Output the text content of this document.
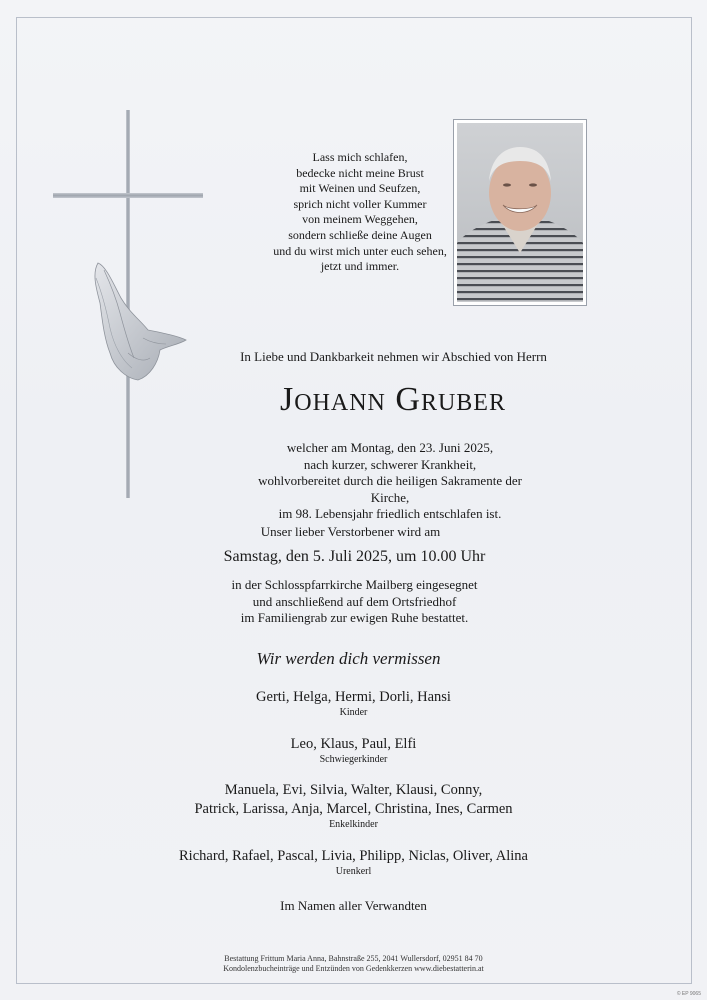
Lass mich schlafen,
bedecke nicht meine Brust
mit Weinen und Seufzen,
sprich nicht voller Kummer
von meinem Weggehen,
sondern schließe deine Augen
und du wirst mich unter euch sehen,
jetzt und immer.
In Liebe und Dankbarkeit nehmen wir Abschied von Herrn
Johann Gruber
welcher am Montag, den 23. Juni 2025,
nach kurzer, schwerer Krankheit,
wohlvorbereitet durch die heiligen Sakramente der Kirche,
im 98. Lebensjahr friedlich entschlafen ist.
Unser lieber Verstorbener wird am
Samstag, den 5. Juli 2025, um 10.00 Uhr
in der Schlosspfarrkirche Mailberg eingesegnet
und anschließend auf dem Ortsfriedhof
im Familiengrab zur ewigen Ruhe bestattet.
Wir werden dich vermissen
Gerti, Helga, Hermi, Dorli, Hansi
Kinder
Leo, Klaus, Paul, Elfi
Schwiegerkinder
Manuela, Evi, Silvia, Walter, Klausi, Conny,
Patrick, Larissa, Anja, Marcel, Christina, Ines, Carmen
Enkelkinder
Richard, Rafael, Pascal, Livia, Philipp, Niclas, Oliver, Alina
Urenkerl
Im Namen aller Verwandten
Bestattung Frittum Maria Anna, Bahnstraße 255, 2041 Wullersdorf, 02951 84 70
Kondolenzbucheinträge und Entzünden von Gedenkkerzen www.diebestatterin.at
© EP 9065
